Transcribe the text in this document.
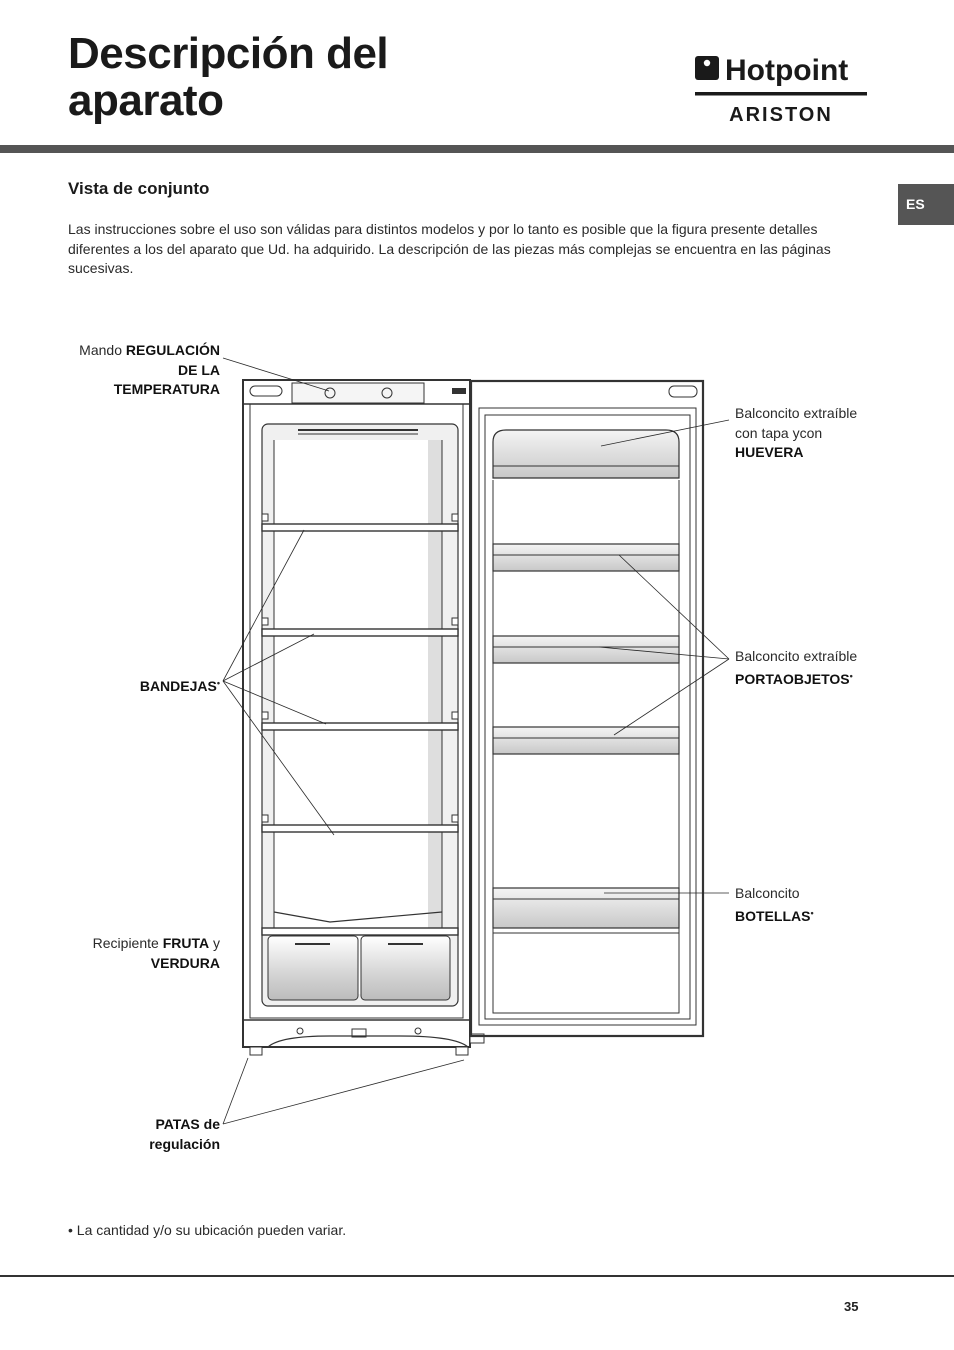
Descripción del
aparato
Hotpoint
ARISTON
Vista de conjunto
ES

Las instrucciones sobre el uso son válidas para distintos modelos y por lo tanto es posible que la figura presente detalles diferentes a los del aparato que Ud. ha adquirido. La descripción de las piezas más complejas se encuentra en las páginas sucesivas.

Mando REGULACIÓN
DE LA
TEMPERATURA
BANDEJAS•
Recipiente FRUTA y
VERDURA
PATAS de
regulación
Balconcito extraíble
con tapa ycon
HUEVERA
Balconcito extraíble
PORTAOBJETOS•
Balconcito
BOTELLAS•

• La cantidad y/o su ubicación pueden variar.

35
